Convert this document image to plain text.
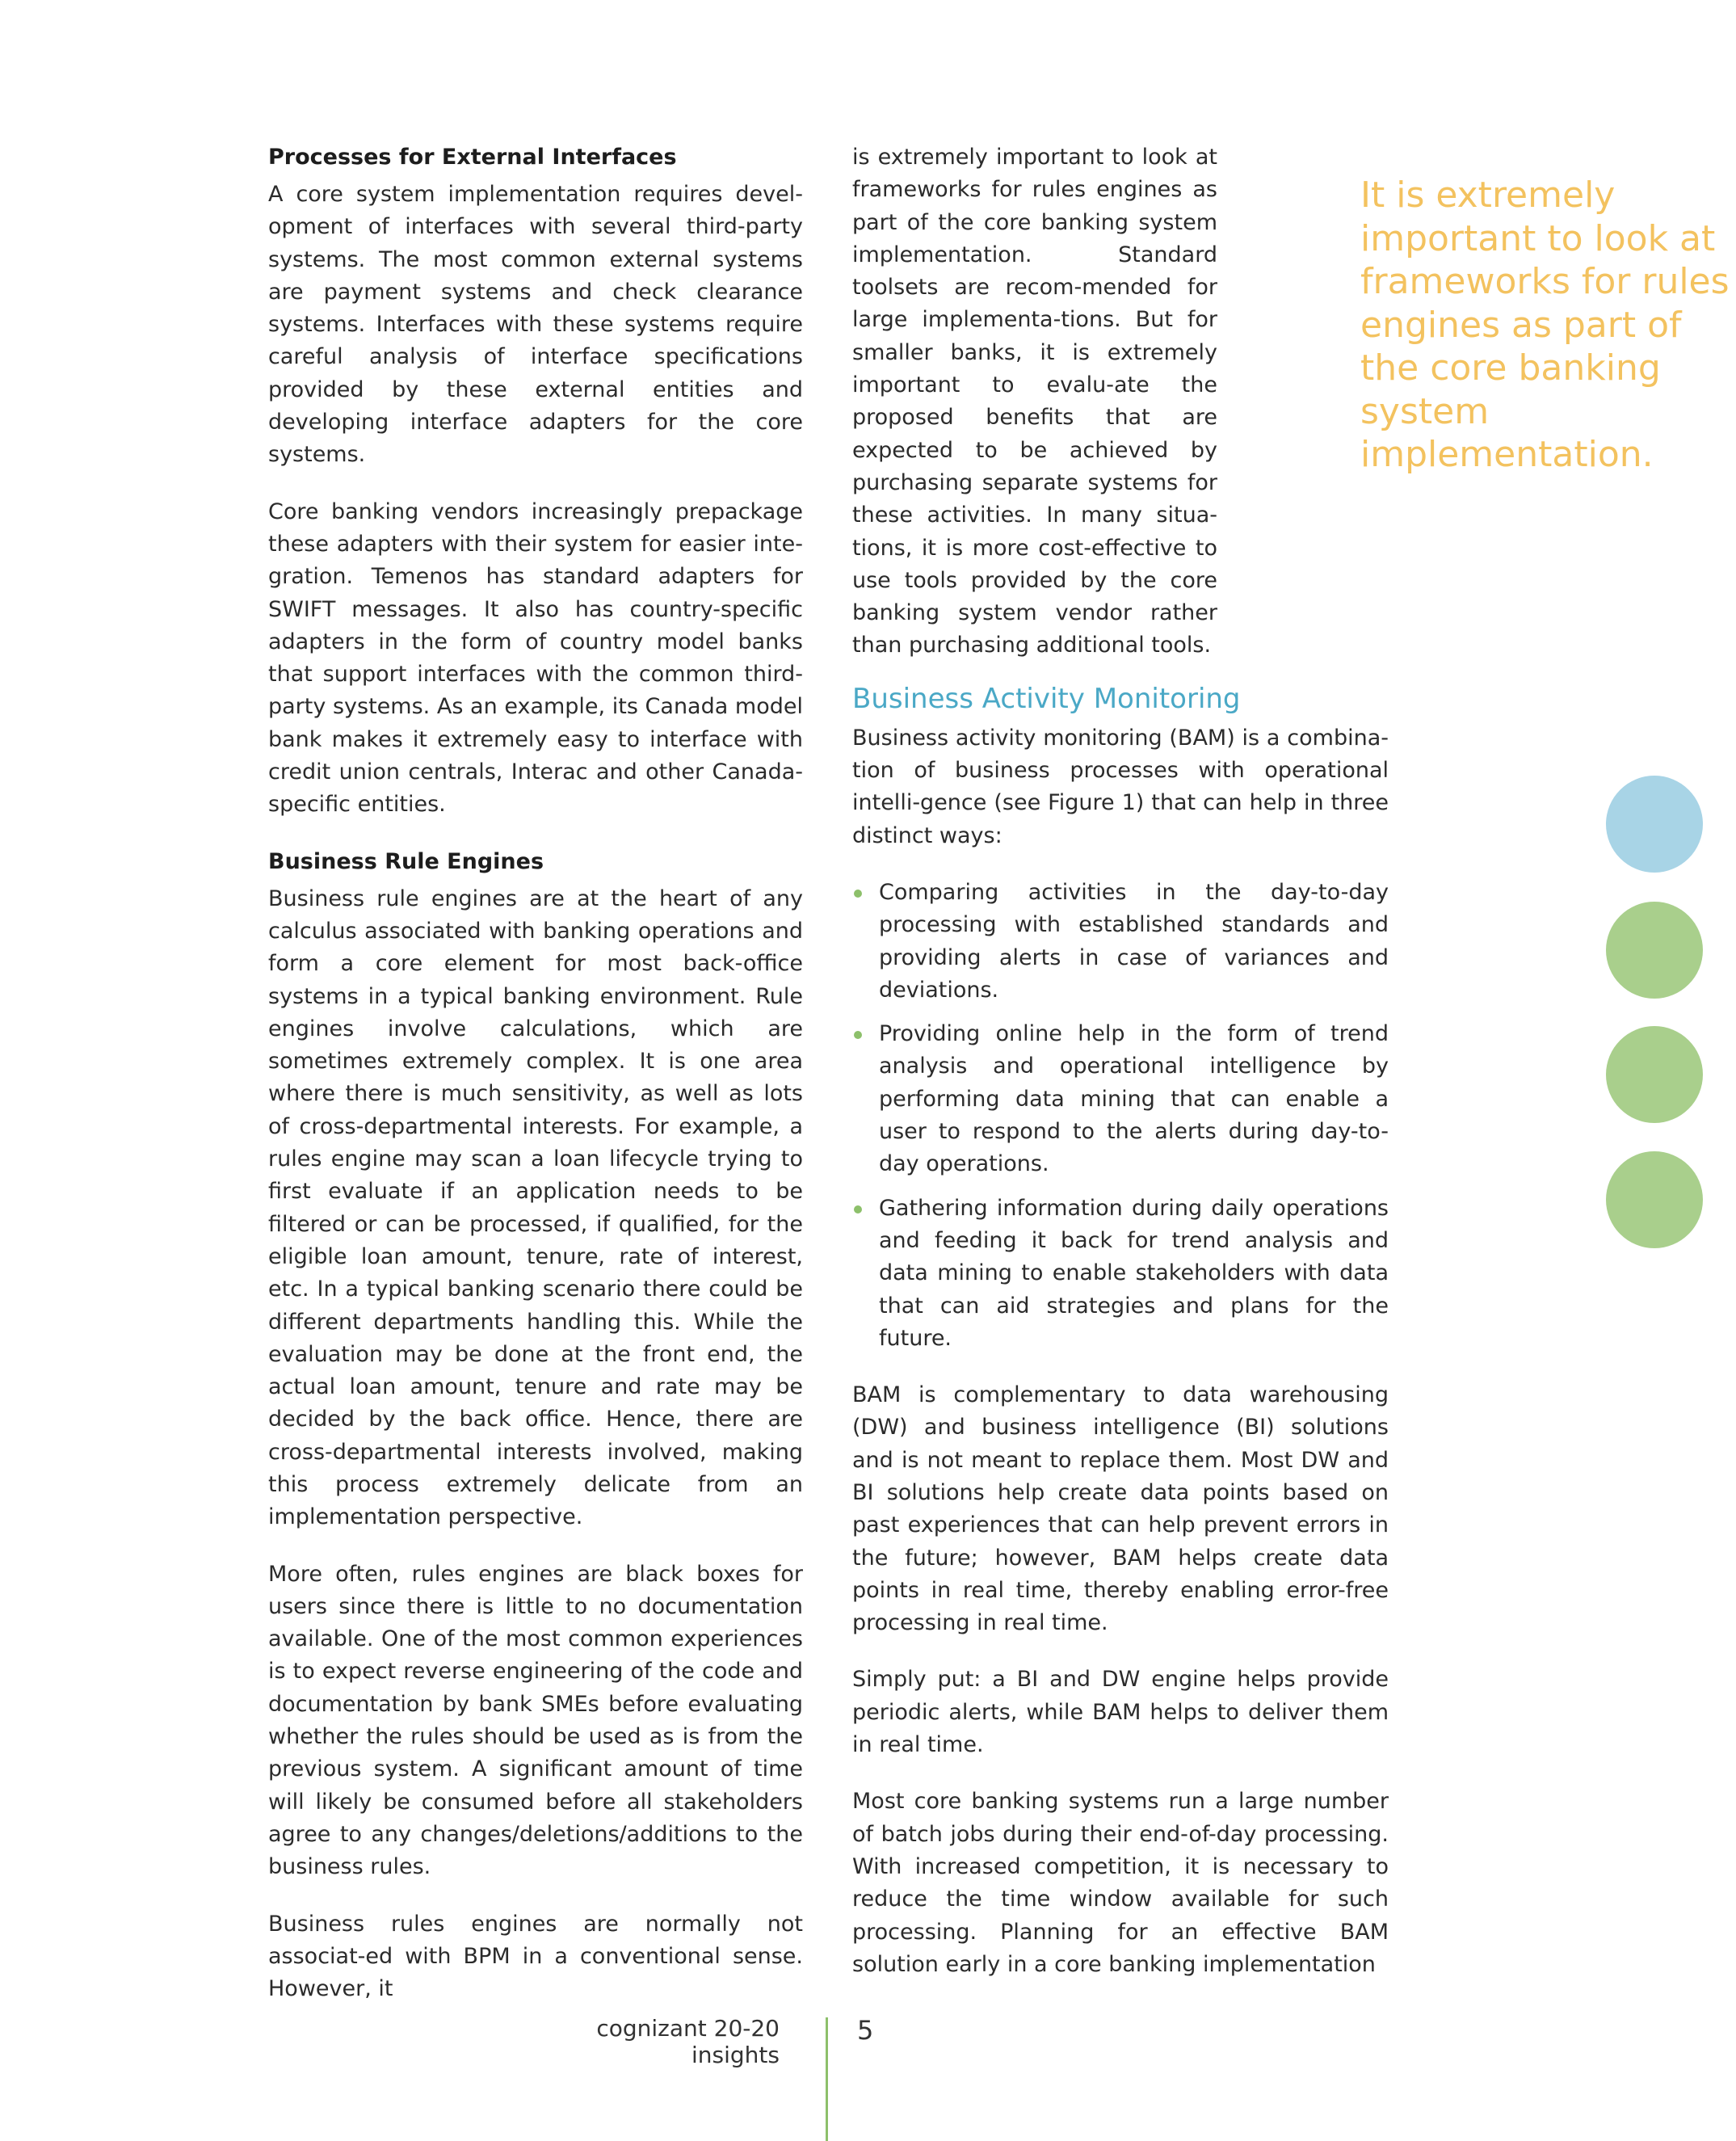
Processes for External Interfaces

A core system implementation requires devel-opment of interfaces with several third-party systems. The most common external systems are payment systems and check clearance systems. Interfaces with these systems require careful analysis of interface specifications provided by these external entities and developing interface adapters for the core systems.

Core banking vendors increasingly prepackage these adapters with their system for easier inte-gration. Temenos has standard adapters for SWIFT messages. It also has country-specific adapters in the form of country model banks that support interfaces with the common third-party systems. As an example, its Canada model bank makes it extremely easy to interface with credit union centrals, Interac and other Canada-specific entities.

Business Rule Engines

Business rule engines are at the heart of any calculus associated with banking operations and form a core element for most back-office systems in a typical banking environment. Rule engines involve calculations, which are sometimes extremely complex. It is one area where there is much sensitivity, as well as lots of cross-departmental interests. For example, a rules engine may scan a loan lifecycle trying to first evaluate if an application needs to be filtered or can be processed, if qualified, for the eligible loan amount, tenure, rate of interest, etc. In a typical banking scenario there could be different departments handling this. While the evaluation may be done at the front end, the actual loan amount, tenure and rate may be decided by the back office. Hence, there are cross-departmental interests involved, making this process extremely delicate from an implementation perspective.

More often, rules engines are black boxes for users since there is little to no documentation available. One of the most common experiences is to expect reverse engineering of the code and documentation by bank SMEs before evaluating whether the rules should be used as is from the previous system. A significant amount of time will likely be consumed before all stakeholders agree to any changes/deletions/additions to the business rules.

Business rules engines are normally not associat-ed with BPM in a conventional sense. However, it

It is extremely important to look at frameworks for rules engines as part of the core banking system implementation.

is extremely important to look at frameworks for rules engines as part of the core banking system implementation. Standard toolsets are recom-mended for large implementa-tions. But for smaller banks, it is extremely important to evalu-ate the proposed benefits that are expected to be achieved by purchasing separate systems for these activities. In many situa-tions, it is more cost-effective to use tools provided by the core banking system vendor rather than purchasing additional tools.

Business Activity Monitoring

Business activity monitoring (BAM) is a combina-tion of business processes with operational intelli-gence (see Figure 1) that can help in three distinct ways:

Comparing activities in the day-to-day processing with established standards and providing alerts in case of variances and deviations.
Providing online help in the form of trend analysis and operational intelligence by performing data mining that can enable a user to respond to the alerts during day-to-day operations.
Gathering information during daily operations and feeding it back for trend analysis and data mining to enable stakeholders with data that can aid strategies and plans for the future.

BAM is complementary to data warehousing (DW) and business intelligence (BI) solutions and is not meant to replace them. Most DW and BI solutions help create data points based on past experiences that can help prevent errors in the future; however, BAM helps create data points in real time, thereby enabling error-free processing in real time.

Simply put: a BI and DW engine helps provide periodic alerts, while BAM helps to deliver them in real time.

Most core banking systems run a large number of batch jobs during their end-of-day processing. With increased competition, it is necessary to reduce the time window available for such processing. Planning for an effective BAM solution early in a core banking implementation

cognizant 20-20 insights
5
